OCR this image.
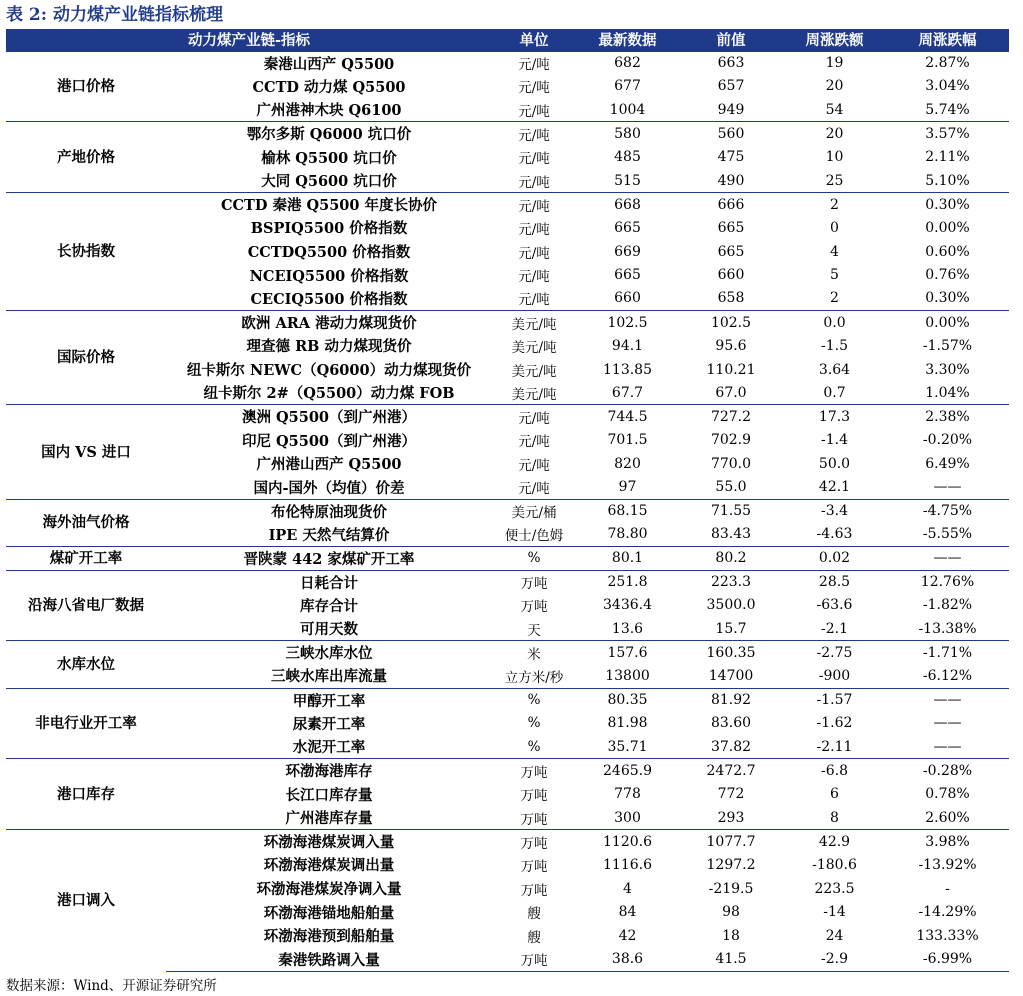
表 2: 动力煤产业链指标梳理
动力煤产业链-指标		单位	最新数据	前值	周涨跌额	周涨跌幅
港口价格	秦港山西产 Q5500	元/吨	682	663	19	2.87%
	CCTD 动力煤 Q5500	元/吨	677	657	20	3.04%
	广州港神木块 Q6100	元/吨	1004	949	54	5.74%
产地价格	鄂尔多斯 Q6000 坑口价	元/吨	580	560	20	3.57%
	榆林 Q5500 坑口价	元/吨	485	475	10	2.11%
	大同 Q5600 坑口价	元/吨	515	490	25	5.10%
长协指数	CCTD 秦港 Q5500 年度长协价	元/吨	668	666	2	0.30%
	BSPIQ5500 价格指数	元/吨	665	665	0	0.00%
	CCTDQ5500 价格指数	元/吨	669	665	4	0.60%
	NCEIQ5500 价格指数	元/吨	665	660	5	0.76%
	CECIQ5500 价格指数	元/吨	660	658	2	0.30%
国际价格	欧洲 ARA 港动力煤现货价	美元/吨	102.5	102.5	0.0	0.00%
	理查德 RB 动力煤现货价	美元/吨	94.1	95.6	-1.5	-1.57%
	纽卡斯尔 NEWC（Q6000）动力煤现货价	美元/吨	113.85	110.21	3.64	3.30%
	纽卡斯尔 2#（Q5500）动力煤 FOB	美元/吨	67.7	67.0	0.7	1.04%
国内 VS 进口	澳洲 Q5500（到广州港）	元/吨	744.5	727.2	17.3	2.38%
	印尼 Q5500（到广州港）	元/吨	701.5	702.9	-1.4	-0.20%
	广州港山西产 Q5500	元/吨	820	770.0	50.0	6.49%
	国内-国外（均值）价差	元/吨	97	55.0	42.1	——
海外油气价格	布伦特原油现货价	美元/桶	68.15	71.55	-3.4	-4.75%
	IPE 天然气结算价	便士/色姆	78.80	83.43	-4.63	-5.55%
煤矿开工率	晋陕蒙 442 家煤矿开工率	%	80.1	80.2	0.02	——
沿海八省电厂数据	日耗合计	万吨	251.8	223.3	28.5	12.76%
	库存合计	万吨	3436.4	3500.0	-63.6	-1.82%
	可用天数	天	13.6	15.7	-2.1	-13.38%
水库水位	三峡水库水位	米	157.6	160.35	-2.75	-1.71%
	三峡水库出库流量	立方米/秒	13800	14700	-900	-6.12%
非电行业开工率	甲醇开工率	%	80.35	81.92	-1.57	——
	尿素开工率	%	81.98	83.60	-1.62	——
	水泥开工率	%	35.71	37.82	-2.11	——
港口库存	环渤海港库存	万吨	2465.9	2472.7	-6.8	-0.28%
	长江口库存量	万吨	778	772	6	0.78%
	广州港库存量	万吨	300	293	8	2.60%
港口调入	环渤海港煤炭调入量	万吨	1120.6	1077.7	42.9	3.98%
	环渤海港煤炭调出量	万吨	1116.6	1297.2	-180.6	-13.92%
	环渤海港煤炭净调入量	万吨	4	-219.5	223.5	-
	环渤海港锚地船舶量	艘	84	98	-14	-14.29%
	环渤海港预到船舶量	艘	42	18	24	133.33%
	秦港铁路调入量	万吨	38.6	41.5	-2.9	-6.99%
数据来源：Wind、开源证券研究所
